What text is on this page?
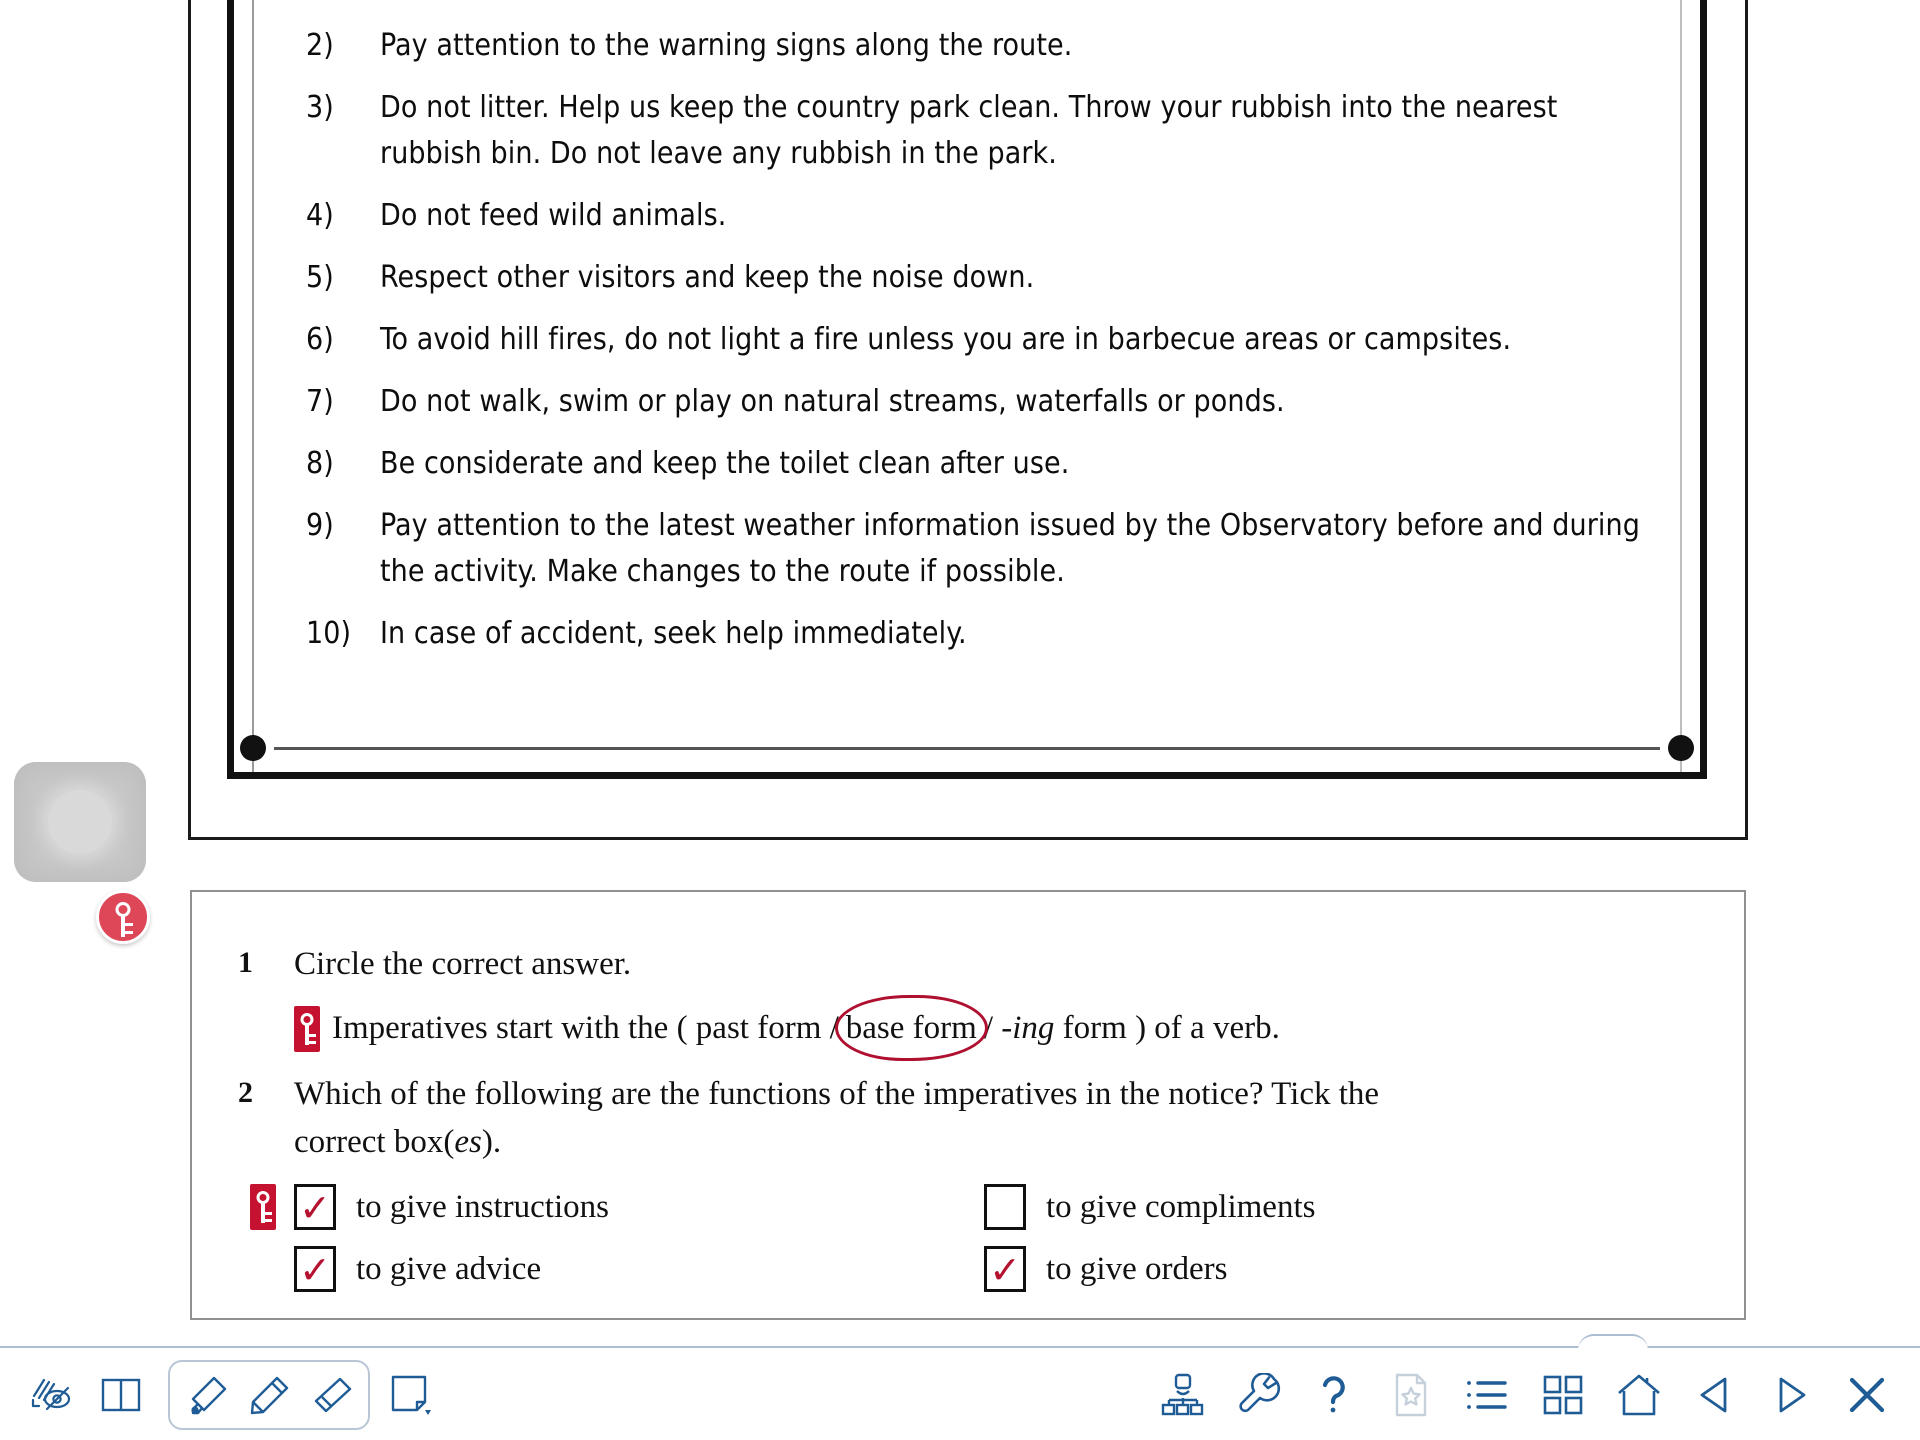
2)	Pay attention to the warning signs along the route.
3)	Do not litter. Help us keep the country park clean. Throw your rubbish into the nearest rubbish bin. Do not leave any rubbish in the park.
4)	Do not feed wild animals.
5)	Respect other visitors and keep the noise down.
6)	To avoid hill fires, do not light a fire unless you are in barbecue areas or campsites.
7)	Do not walk, swim or play on natural streams, waterfalls or ponds.
8)	Be considerate and keep the toilet clean after use.
9)	Pay attention to the latest weather information issued by the Observatory before and during the activity. Make changes to the route if possible.
10) In case of accident, seek help immediately.
1	Circle the correct answer.
Imperatives start with the ( past form / base form / -ing form ) of a verb.
2	Which of the following are the functions of the imperatives in the notice? Tick the
correct box(es).
✓ to give instructions	to give compliments
✓ to give advice	✓ to give orders
